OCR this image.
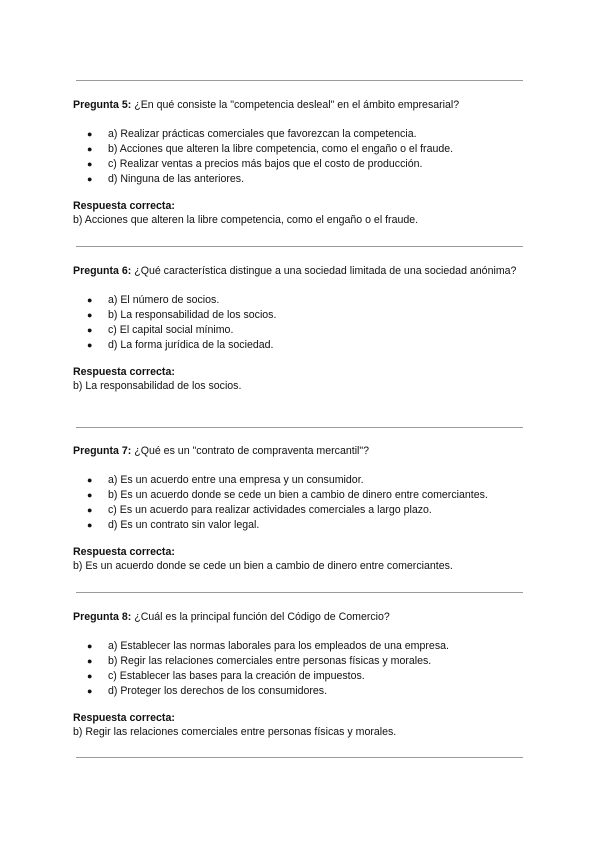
Pregunta 5: ¿En qué consiste la "competencia desleal" en el ámbito empresarial?

● a) Realizar prácticas comerciales que favorezcan la competencia.
● b) Acciones que alteren la libre competencia, como el engaño o el fraude.
● c) Realizar ventas a precios más bajos que el costo de producción.
● d) Ninguna de las anteriores.
Respuesta correcta:
b) Acciones que alteren la libre competencia, como el engaño o el fraude.

Pregunta 6: ¿Qué característica distingue a una sociedad limitada de una sociedad anónima?

● a) El número de socios.
● b) La responsabilidad de los socios.
● c) El capital social mínimo.
● d) La forma jurídica de la sociedad.
Respuesta correcta:
b) La responsabilidad de los socios.

Pregunta 7: ¿Qué es un "contrato de compraventa mercantil"?

● a) Es un acuerdo entre una empresa y un consumidor.
● b) Es un acuerdo donde se cede un bien a cambio de dinero entre comerciantes.
● c) Es un acuerdo para realizar actividades comerciales a largo plazo.
● d) Es un contrato sin valor legal.
Respuesta correcta:
b) Es un acuerdo donde se cede un bien a cambio de dinero entre comerciantes.

Pregunta 8: ¿Cuál es la principal función del Código de Comercio?

● a) Establecer las normas laborales para los empleados de una empresa.
● b) Regir las relaciones comerciales entre personas físicas y morales.
● c) Establecer las bases para la creación de impuestos.
● d) Proteger los derechos de los consumidores.
Respuesta correcta:
b) Regir las relaciones comerciales entre personas físicas y morales.
